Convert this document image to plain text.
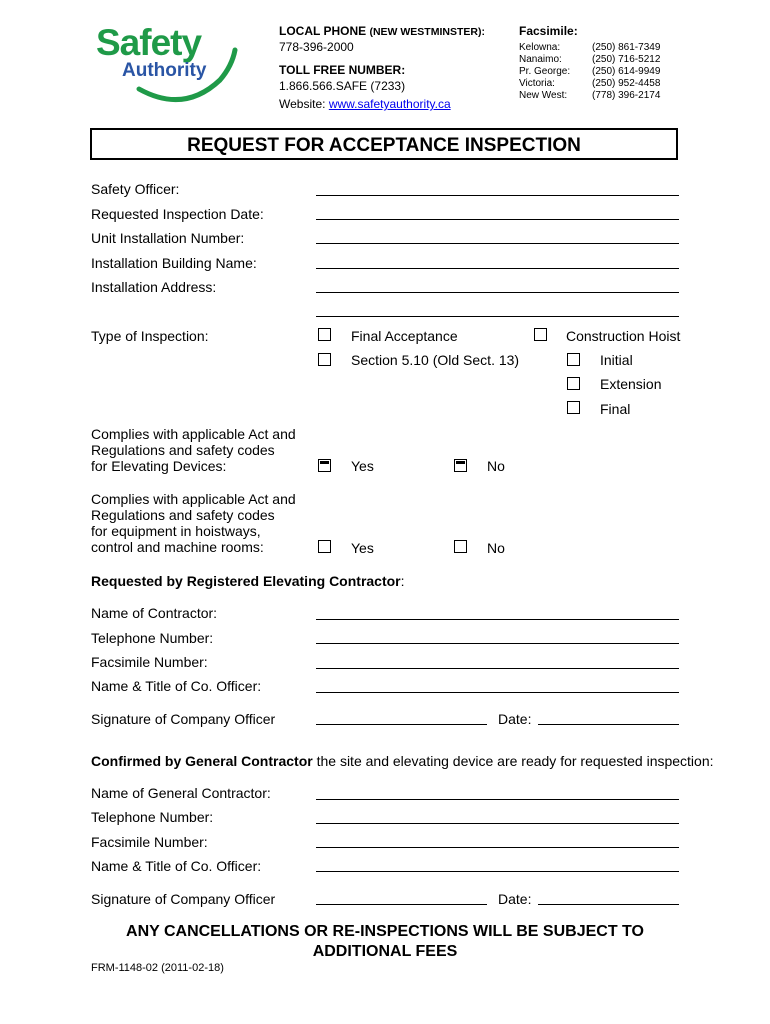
Safety
Authority
LOCAL PHONE (NEW WESTMINSTER):
778-396-2000
TOLL FREE NUMBER:
1.866.566.SAFE (7233)
Website: www.safetyauthority.ca
Facsimile:
Kelowna:	(250) 861-7349
Nanaimo:	(250) 716-5212
Pr. George: (250) 614-9949
Victoria:	(250) 952-4458
New West: (778) 396-2174
REQUEST FOR ACCEPTANCE INSPECTION
Safety Officer:
Requested Inspection Date:
Unit Installation Number:
Installation Building Name:
Installation Address:
Type of Inspection:	Final Acceptance	Construction Hoist
Section 5.10 (Old Sect. 13)	Initial
Extension
Final
Complies with applicable Act and
Regulations and safety codes
for Elevating Devices:	Yes	No
Complies with applicable Act and
Regulations and safety codes
for equipment in hoistways,
control and machine rooms:	Yes	No
Requested by Registered Elevating Contractor:
Name of Contractor:
Telephone Number:
Facsimile Number:
Name & Title of Co. Officer:
Signature of Company Officer	Date:
Confirmed by General Contractor the site and elevating device are ready for requested inspection:
Name of General Contractor:
Telephone Number:
Facsimile Number:
Name & Title of Co. Officer:
Signature of Company Officer	Date:
ANY CANCELLATIONS OR RE-INSPECTIONS WILL BE SUBJECT TO
ADDITIONAL FEES
FRM-1148-02 (2011-02-18)
